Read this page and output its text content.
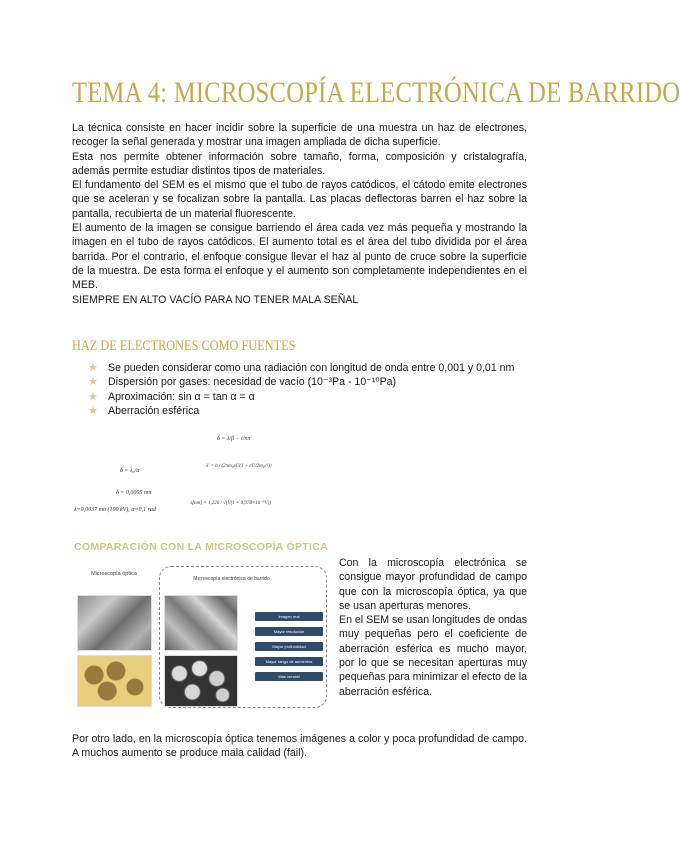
TEMA 4: MICROSCOPÍA ELECTRÓNICA DE BARRIDO

La técnica consiste en hacer incidir sobre la superficie de una muestra un haz de electrones, recoger la señal generada y mostrar una imagen ampliada de dicha superficie.

Esta nos permite obtener información sobre tamaño, forma, composición y cristalografía, además permite estudiar distintos tipos de materiales.

El fundamento del SEM es el mismo que el tubo de rayos catódicos, el cátodo emite electrones que se aceleran y se focalizan sobre la pantalla. Las placas deflectoras barren el haz sobre la pantalla, recubierta de un material fluorescente.

El aumento de la imagen se consigue barriendo el área cada vez más pequeña y mostrando la imagen en el tubo de rayos catódicos. El aumento total es el área del tubo dividida por el área barrida. Por el contrario, el enfoque consigue llevar el haz al punto de cruce sobre la superficie de la muestra. De esta forma el enfoque y el aumento son completamente independientes en el MEB.

SIEMPRE EN ALTO VACÍO PARA NO TENER MALA SEÑAL

HAZ DE ELECTRONES COMO FUENTES
★ Se pueden considerar como una radiación con longitud de onda entre 0,001 y 0,01 nm
★ Dispersión por gases: necesidad de vacío (10⁻³Pa - 10⁻¹⁰Pa)
★ Aproximación: sin α = tan α = α
★ Aberración esférica
δ = λ/β − t/nπ
δ = λ₀/α
λ' = h / (2πm₀eU(1 + eU/2m₀c²))
δ = 0,0005 nm
λ=0,0037 nm (100 kV), α=0,1 rad
λ[nm] = 1,226 / √(V(1 + 0,978×10⁻⁶V))
COMPARACIÓN CON LA MICROSCOPÍA ÓPTICA
Microscopía óptica
Microscopía electrónica de barrido
Imagen real
Mayor resolución
Mayor profundidad
Mayor rango de aumentos
Más versátil

Con la microscopía electrónica se consigue mayor profundidad de campo que con la microscopía óptica, ya que se usan aperturas menores.

En el SEM se usan longitudes de ondas muy pequeñas pero el coeficiente de aberración esférica es mucho mayor, por lo que se necesitan aperturas muy pequeñas para minimizar el efecto de la aberración esférica.

Por otro lado, en la microscopía óptica tenemos imágenes a color y poca profundidad de campo. A muchos aumento se produce mala calidad (fail).
